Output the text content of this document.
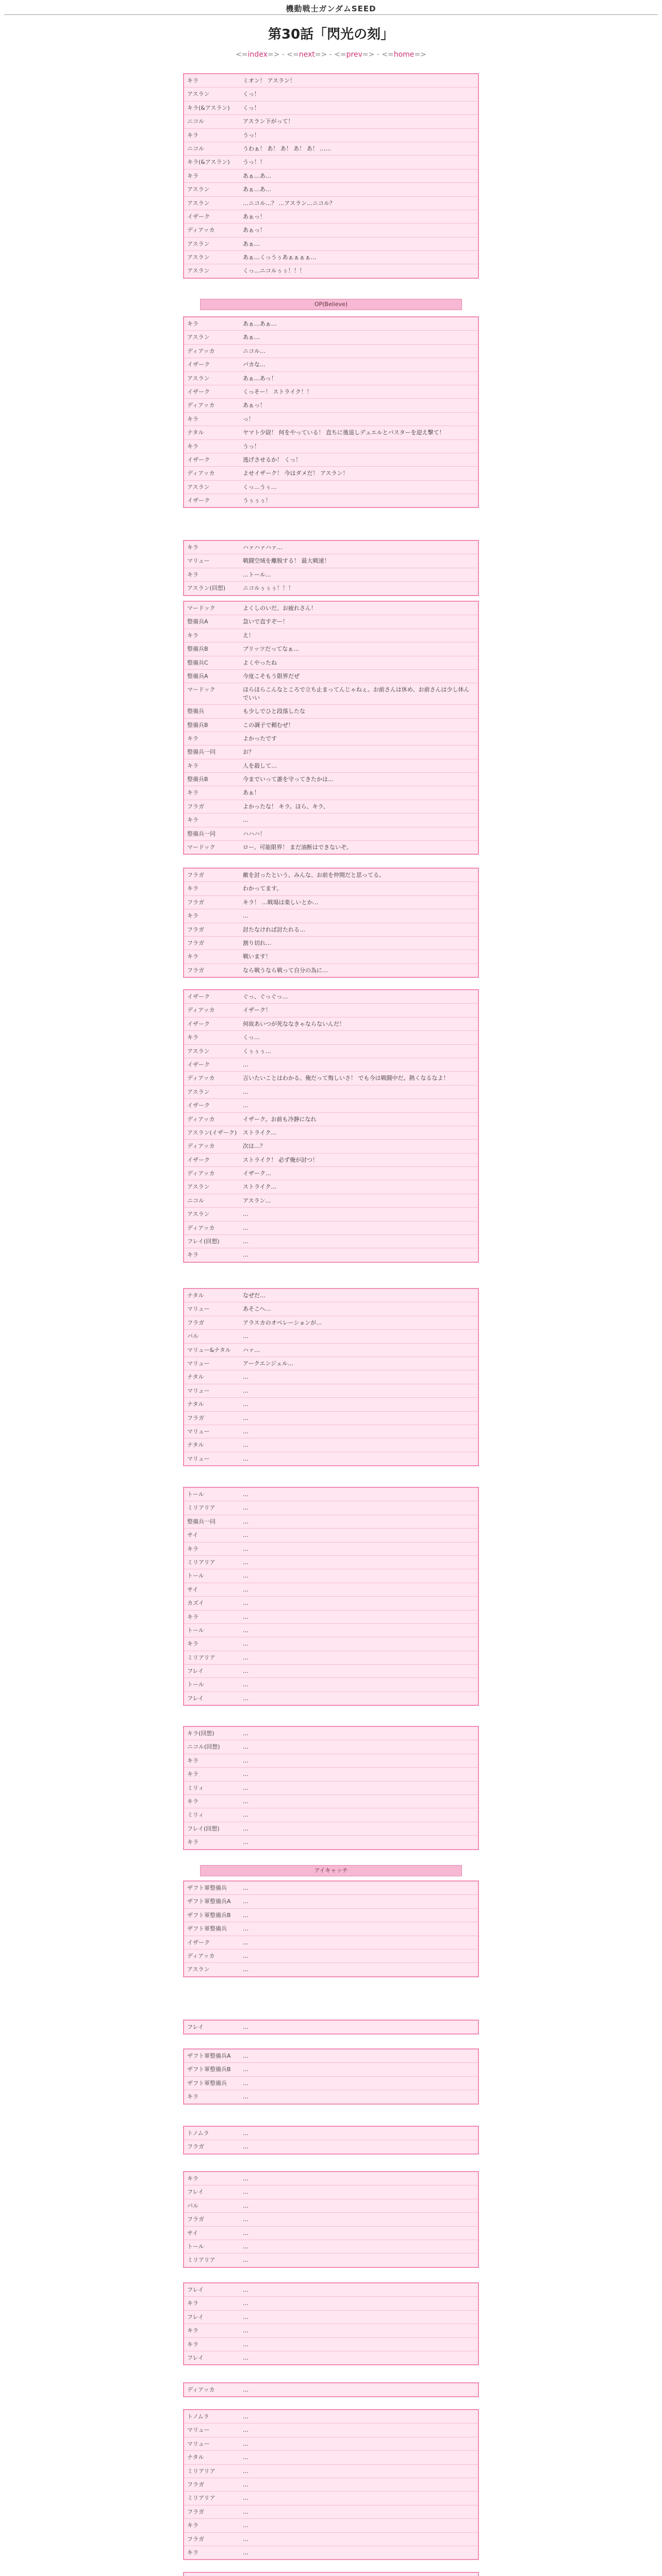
機動戦士ガンダムSEED
第30話「閃光の刻」
<=index=> - <=next=> - <=prev=> - <=home=>
キラ	ミオン！ アスラン！
アスラン	くっ！
キラ(&アスラン)	くっ！
ニコル	アスラン下がって！
キラ	うっ！
ニコル	うわぁ！ あ！ あ！ あ！ あ！ ……
キラ(&アスラン)	うっ！！
キラ	あぁ…あ…
アスラン	あぁ…あ…
アスラン	…ニコル…？ …アスラン…ニコル？
イザーク	あぁっ！
ディアッカ	あぁっ！
アスラン	あぁ…
アスラン	あぁ…くっうぅあぁぁぁぁ…
アスラン	くっ…ニコルぅぅ！！！
OP(Believe)
キラ	あぁ…あぁ…
アスラン	あぁ…
ディアッカ	ニコル…
イザーク	バカな…
アスラン	あぁ…あっ！
イザーク	くっそー！ ストライク！！
ディアッカ	あぁっ！
キラ	っ！
ナタル	ヤマト少尉！ 何をやっている！ 直ちに後退しデュエルとバスターを迎え撃て！
キラ	うっ！
イザーク	逃げさせるか！ くっ！
ディアッカ	よせイザーク！ 今はダメだ！ アスラン！
アスラン	くっ…うぅ…
イザーク	うぅぅぅ！
キラ	ハァハァハァ…
マリュー	戦闘空域を離脱する！ 最大戦速！
キラ	…トール…
アスラン(回想)	ニコルぅぅぅ！！！
マードック	よくしのいだ、お疲れさん！
整備兵A	急いで直すぞー！
キラ	え！
整備兵B	ブリッツだってなぁ…
整備兵C	よくやったね
整備兵A	今度こそもう限界だぜ
マードック	ほらほらこんなところで立ち止まってんじゃねぇ。お前さんは休め、お前さんは少し休んでいい
整備兵	も少しでひと段落したな
整備兵B	この調子で頼むぜ！
キラ	よかったです
整備兵一同	お？
キラ	人を殺して…
整備兵B	今までいって誰を守ってきたかは…
キラ	あぁ！
フラガ	よかったな！ キラ。ほら、キラ、
キラ	…
整備兵一同	ハハハ！
マードック	ロー、可能限界！ まだ油断はできないぞ。
フラガ	敵を討ったという、みんな、お前を仲間だと思ってる。
キラ	わかってます。
フラガ	キラ！ …戦場は楽しいとか…
キラ	…
フラガ	討たなければ討たれる…
フラガ	割り切れ…
キラ	戦います！
フラガ	なら戦うなら戦って自分の為に…
イザーク	ぐっ、ぐっぐっ…
ディアッカ	イザーク！
イザーク	何故あいつが死ななきゃならないんだ！
キラ	くっ…
アスラン	くぅぅぅ…
イザーク	…
ディアッカ	言いたいことはわかる。俺だって悔しいさ！ でも今は戦闘中だ。熱くなるなよ！
アスラン	…
イザーク	…
ディアッカ	イザーク。お前も冷静になれ
アスラン(イザーク)	ストライク…
ディアッカ	次は…？
イザーク	ストライク！ 必ず俺が討つ！
ディアッカ	イザーク…
アスラン	ストライク…
ニコル	アスラン…
アスラン	…
ディアッカ	…
フレイ(回想)	…
キラ	…
ナタル	なぜだ…
マリュー	あそこへ…
フラガ	アラスカのオペレーションが…
バル	…
マリュー&ナタル	ハァ…
マリュー	アークエンジェル…
ナタル	…
マリュー	…
ナタル	…
フラガ	…
マリュー	…
ナタル	…
マリュー	…
トール	…
ミリアリア	…
整備兵一同	…
サイ	…
キラ	…
ミリアリア	…
トール	…
サイ	…
カズイ	…
キラ	…
トール	…
キラ	…
ミリアリア	…
フレイ	…
トール	…
フレイ	…
キラ(回想)	…
ニコル(回想)	…
キラ	…
キラ	…
ミリィ	…
キラ	…
ミリィ	…
フレイ(回想)	…
キラ	…
アイキャッチ
ザフト軍整備兵	…
ザフト軍整備兵A	…
ザフト軍整備兵B	…
ザフト軍整備兵	…
イザーク	…
ディアッカ	…
アスラン	…
フレイ	…
ザフト軍整備兵A	…
ザフト軍整備兵B	…
ザフト軍整備兵	…
キラ	…
トノムラ	…
フラガ	…
キラ	…
フレイ	…
バル	…
フラガ	…
サイ	…
トール	…
ミリアリア	…
フレイ	…
キラ	…
フレイ	…
キラ	…
キラ	…
フレイ	…
ディアッカ	…
トノムラ	…
マリュー	…
マリュー	…
ナタル	…
ミリアリア	…
フラガ	…
ミリアリア	…
フラガ	…
キラ	…
フラガ	…
キラ	…
